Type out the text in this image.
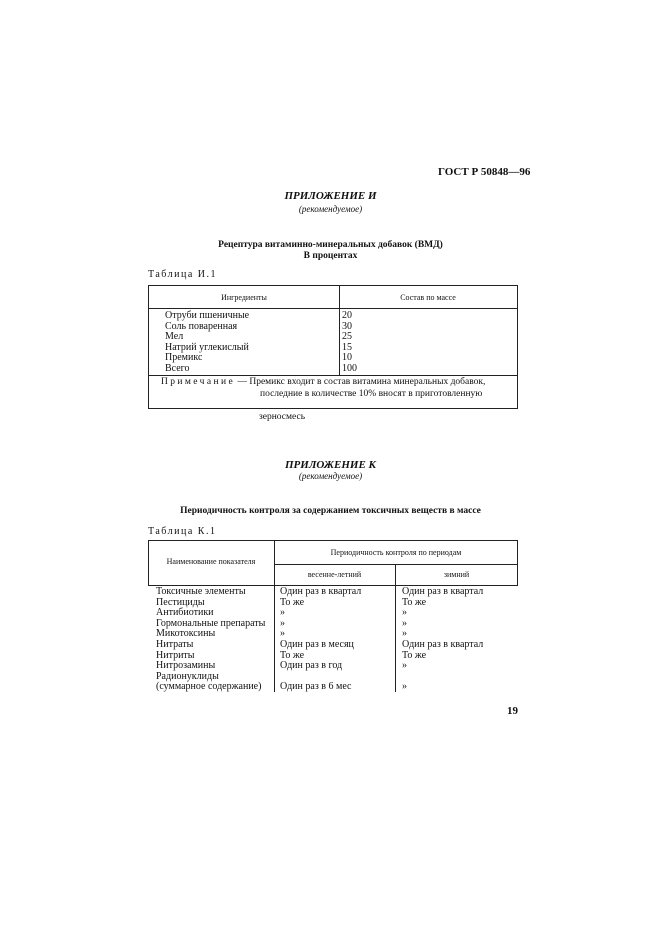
ГОСТ Р 50848—96
ПРИЛОЖЕНИЕ И
(рекомендуемое)
Рецептура витаминно-минеральных добавок (ВМД)
В процентах
Таблица И.1
Ингредиенты	Состав по массе
Отруби пшеничные
Соль поваренная
Мел
Натрий углекислый
Премикс
Всего
20
30
25
15
10
100
Примечание — Премикс входит в состав витамина минеральных добавок,
последние в количестве 10% вносят в приготовленную
зерносмесь
ПРИЛОЖЕНИЕ К
(рекомендуемое)
Периодичность контроля за содержанием токсичных веществ в массе
Таблица К.1
Наименование показателя
Периодичность контроля по периодам
весенне-летний	зимний
Токсичные элементы
Пестициды
Антибиотики
Гормональные препараты
Микотоксины
Нитраты
Нитриты
Нитрозамины
Радионуклиды
(суммарное содержание)
Один раз в квартал
То же
»
»
»
Один раз в месяц
То же
Один раз в год
Один раз в 6 мес
Один раз в квартал
То же
»
»
»
Один раз в квартал
То же
»
»
19
